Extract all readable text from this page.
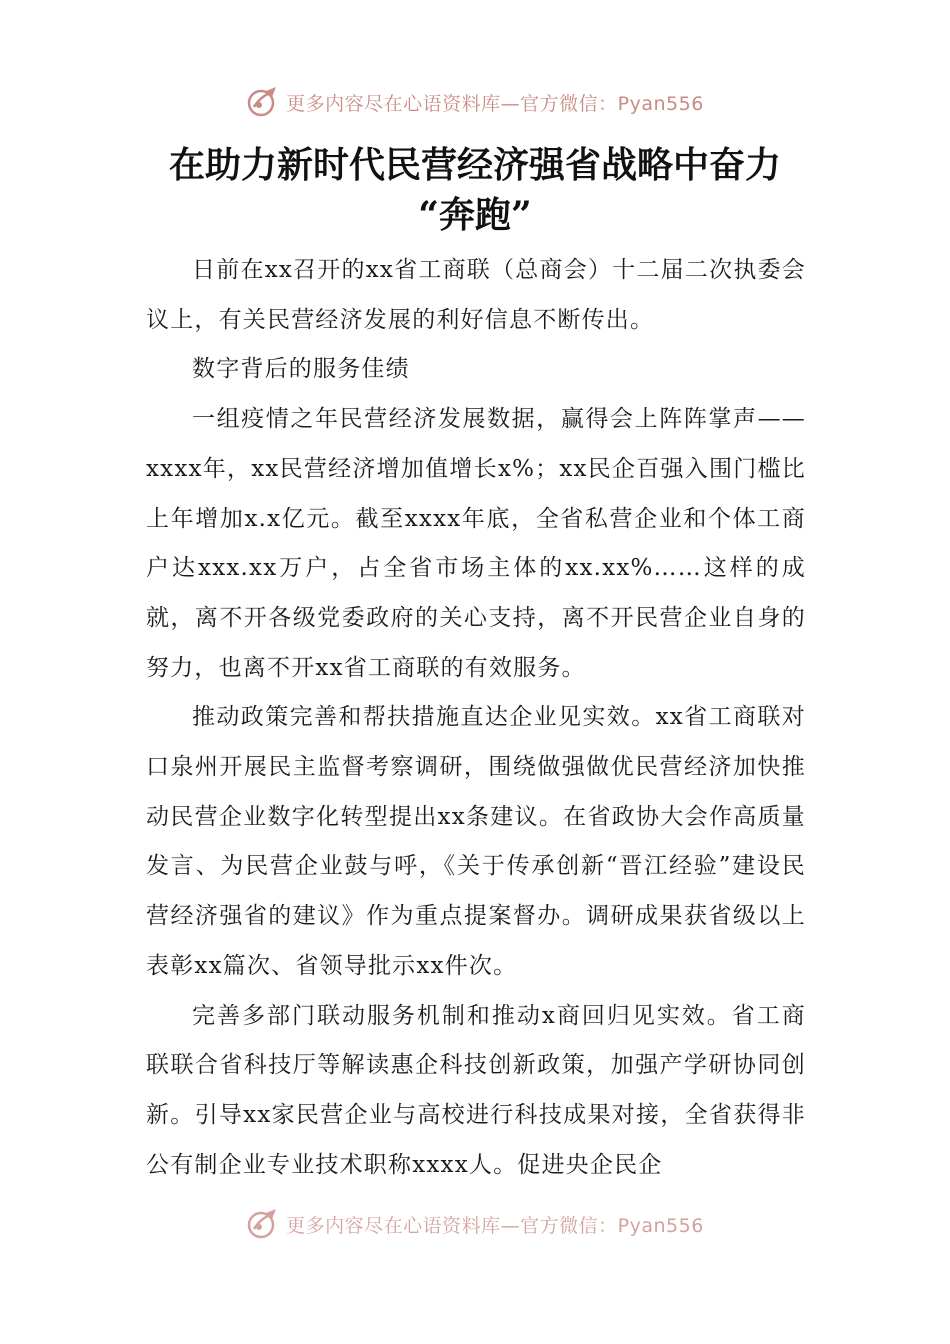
更多内容尽在心语资料库—官方微信：Pyan556
在助力新时代民营经济强省战略中奋力
“奔跑”

日前在xx召开的xx省工商联（总商会）十二届二次执委会议上，有关民营经济发展的利好信息不断传出。

数字背后的服务佳绩

一组疫情之年民营经济发展数据，赢得会上阵阵掌声——xxxx年，xx民营经济增加值增长x%；xx民企百强入围门槛比上年增加x.x亿元。截至xxxx年底，全省私营企业和个体工商户达xxx.xx万户，占全省市场主体的xx.xx%……这样的成就，离不开各级党委政府的关心支持，离不开民营企业自身的努力，也离不开xx省工商联的有效服务。

推动政策完善和帮扶措施直达企业见实效。xx省工商联对口泉州开展民主监督考察调研，围绕做强做优民营经济加快推动民营企业数字化转型提出xx条建议。在省政协大会作高质量发言、为民营企业鼓与呼，《关于传承创新“晋江经验”建设民营经济强省的建议》作为重点提案督办。调研成果获省级以上表彰xx篇次、省领导批示xx件次。

完善多部门联动服务机制和推动x商回归见实效。省工商联联合省科技厅等解读惠企科技创新政策，加强产学研协同创新。引导xx家民营企业与高校进行科技成果对接，全省获得非公有制企业专业技术职称xxxx人。促进央企民企

更多内容尽在心语资料库—官方微信：Pyan556
